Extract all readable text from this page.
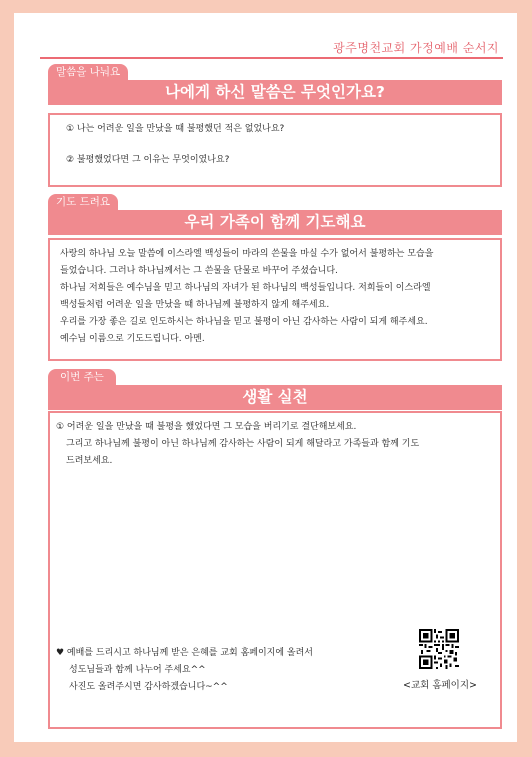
광주명천교회 가정예배 순서지
말씀을 나눠요
나에게 하신 말씀은 무엇인가요?
① 나는 어려운 일을 만났을 때 불평했던 적은 없었나요?
② 불평했었다면 그 이유는 무엇이였나요?
기도 드려요
우리 가족이 함께 기도해요
사랑의 하나님 오늘 말씀에 이스라엘 백성들이 마라의 쓴물을 마실 수가 없어서 불평하는 모습을
들었습니다. 그러나 하나님께서는 그 쓴물을 단물로 바꾸어 주셨습니다.
하나님 저희들은 예수님을 믿고 하나님의 자녀가 된 하나님의 백성들입니다. 저희들이 이스라엘
백성들처럼 어려운 일을 만났을 때 하나님께 불평하지 않게 해주세요.
우리를 가장 좋은 길로 인도하시는 하나님을 믿고 불평이 아닌 감사하는 사람이 되게 해주세요.
예수님 이름으로 기도드립니다. 아멘.
이번 주는
생활 실천
① 어려운 일을 만났을 때 불평을 했었다면 그 모습을 버리기로 결단해보세요.
그리고 하나님께 불평이 아닌 하나님께 감사하는 사람이 되게 해달라고 가족들과 함께 기도
드려보세요.
♥ 예배를 드리시고 하나님께 받은 은혜를 교회 홈페이지에 올려서
성도님들과 함께 나누어 주세요^^
사진도 올려주시면 감사하겠습니다~^^	<교회 홈페이지>
